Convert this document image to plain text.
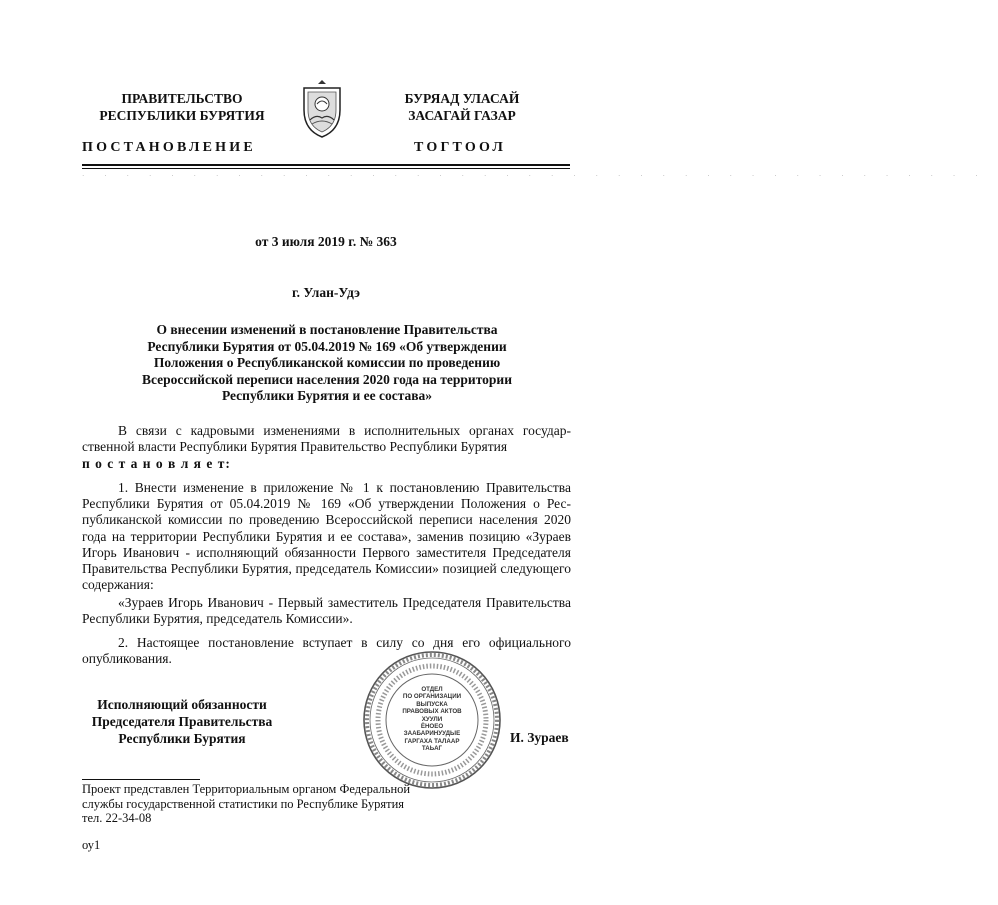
ПРАВИТЕЛЬСТВО
РЕСПУБЛИКИ БУРЯТИЯ
ПОСТАНОВЛЕНИЕ
БУРЯАД УЛАСАЙ
ЗАСАГАЙ ГАЗАР
ТОГТООЛ
·········································
от 3 июля 2019 г. № 363
г. Улан-Удэ
О внесении изменений в постановление Правительства
Республики Бурятия от 05.04.2019 № 169 «Об утверждении
Положения о Республиканской комиссии по проведению
Всероссийской переписи населения 2020 года на территории
Республики Бурятия и ее состава»
В связи с кадровыми изменениями в исполнительных органах государственной власти Республики Бурятия Правительство Республики Бурятия
п о с т а н о в л я е т:
1. Внести изменение в приложение № 1 к постановлению Правительства Республики Бурятия от 05.04.2019 № 169 «Об утверждении Положения о Республиканской комиссии по проведению Всероссийской переписи населения 2020 года на территории Республики Бурятия и ее состава», заменив позицию «Зураев Игорь Иванович - исполняющий обязанности Первого заместителя Председателя Правительства Республики Бурятия, председатель Комиссии» позицией следующего содержания:
«Зураев Игорь Иванович - Первый заместитель Председателя Правительства Республики Бурятия, председатель Комиссии».
2. Настоящее постановление вступает в силу со дня его официального опубликования.
Исполняющий обязанности
Председателя Правительства
Республики Бурятия	И. Зураев
ОТДЕЛ
ПО ОРГАНИЗАЦИИ
ВЫПУСКА
ПРАВОВЫХ АКТОВ
ХУУЛИ
ЁНОЕО ЗААБАРИНУУДЫЕ
ГАРГАХА ТАЛААР
ТАЬАГ
Проект представлен Территориальным органом Федеральной
службы государственной статистики по Республике Бурятия
тел. 22-34-08
оу1
